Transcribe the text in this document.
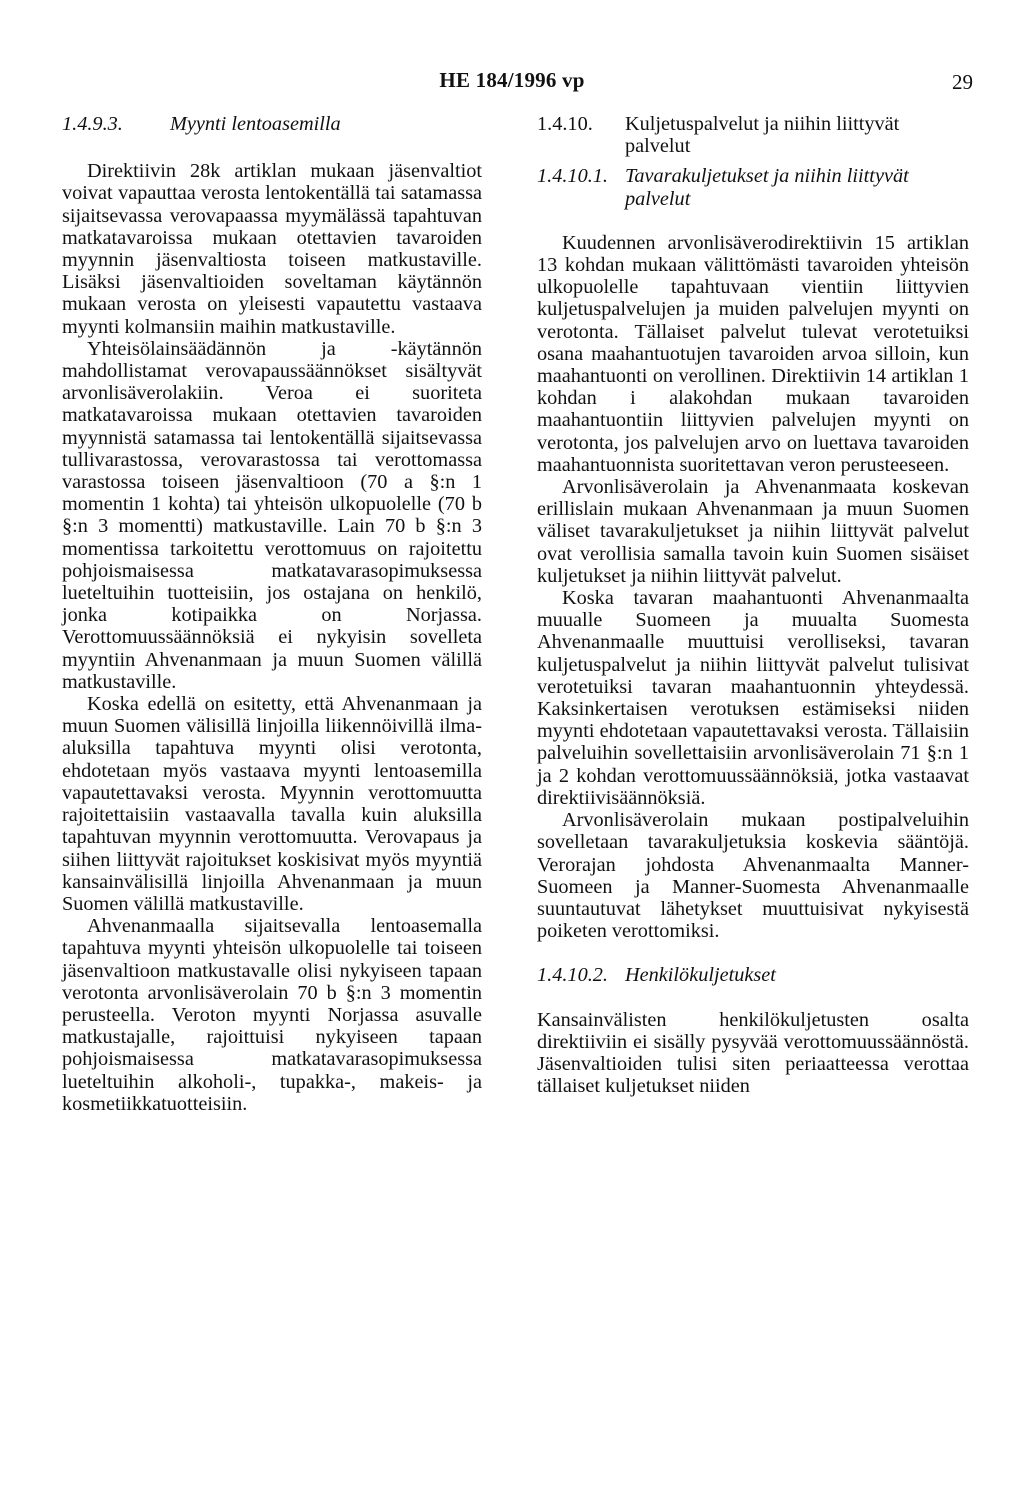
HE 184/1996 vp	29
1.4.9.3. Myynti lentoasemilla

Direktiivin 28k artiklan mukaan jäsenvaltiot voivat vapauttaa verosta lentokentällä tai satamassa sijaitsevassa verovapaassa myymälässä tapahtuvan matkatavaroissa mukaan otettavien tavaroiden myynnin jäsenvaltiosta toiseen matkustaville. Lisäksi jäsenvaltioiden soveltaman käytännön mukaan verosta on yleisesti vapautettu vastaava myynti kolmansiin maihin matkustaville.

Yhteisölainsäädännön ja -käytännön mahdollistamat verovapaussäännökset sisältyvät arvonlisäverolakiin. Veroa ei suoriteta matkatavaroissa mukaan otettavien tavaroiden myynnistä satamassa tai lentokentällä sijaitsevassa tullivarastossa, verovarastossa tai verottomassa varastossa toiseen jäsenvaltioon (70 a §:n 1 momentin 1 kohta) tai yhteisön ulkopuolelle (70 b §:n 3 momentti) matkustaville. Lain 70 b §:n 3 momentissa tarkoitettu verottomuus on rajoitettu pohjoismaisessa matkatavarasopimuksessa lueteltuihin tuotteisiin, jos ostajana on henkilö, jonka kotipaikka on Norjassa. Verottomuussäännöksiä ei nykyisin sovelleta myyntiin Ahvenanmaan ja muun Suomen välillä matkustaville.

Koska edellä on esitetty, että Ahvenanmaan ja muun Suomen välisillä linjoilla liikennöivillä ilma-aluksilla tapahtuva myynti olisi verotonta, ehdotetaan myös vastaava myynti lentoasemilla vapautettavaksi verosta. Myynnin verottomuutta rajoitettaisiin vastaavalla tavalla kuin aluksilla tapahtuvan myynnin verottomuutta. Verovapaus ja siihen liittyvät rajoitukset koskisivat myös myyntiä kansainvälisillä linjoilla Ahvenanmaan ja muun Suomen välillä matkustaville.

Ahvenanmaalla sijaitsevalla lentoasemalla tapahtuva myynti yhteisön ulkopuolelle tai toiseen jäsenvaltioon matkustavalle olisi nykyiseen tapaan verotonta arvonlisäverolain 70 b §:n 3 momentin perusteella. Veroton myynti Norjassa asuvalle matkustajalle, rajoittuisi nykyiseen tapaan pohjoismaisessa matkatavarasopimuksessa lueteltuihin alkoholi-, tupakka-, makeis- ja kosmetiikkatuotteisiin.

1.4.10.	Kuljetuspalvelut ja niihin liittyvät palvelut
1.4.10.1. Tavarakuljetukset ja niihin liittyvät palvelut

Kuudennen arvonlisäverodirektiivin 15 artiklan 13 kohdan mukaan välittömästi tavaroiden yhteisön ulkopuolelle tapahtuvaan vientiin liittyvien kuljetuspalvelujen ja muiden palvelujen myynti on verotonta. Tällaiset palvelut tulevat verotetuiksi osana maahantuotujen tavaroiden arvoa silloin, kun maahantuonti on verollinen. Direktiivin 14 artiklan 1 kohdan i alakohdan mukaan tavaroiden maahantuontiin liittyvien palvelujen myynti on verotonta, jos palvelujen arvo on luettava tavaroiden maahantuonnista suoritettavan veron perusteeseen.

Arvonlisäverolain ja Ahvenanmaata koskevan erillislain mukaan Ahvenanmaan ja muun Suomen väliset tavarakuljetukset ja niihin liittyvät palvelut ovat verollisia samalla tavoin kuin Suomen sisäiset kuljetukset ja niihin liittyvät palvelut.

Koska tavaran maahantuonti Ahvenanmaalta muualle Suomeen ja muualta Suomesta Ahvenanmaalle muuttuisi verolliseksi, tavaran kuljetuspalvelut ja niihin liittyvät palvelut tulisivat verotetuiksi tavaran maahantuonnin yhteydessä. Kaksinkertaisen verotuksen estämiseksi niiden myynti ehdotetaan vapautettavaksi verosta. Tällaisiin palveluihin sovellettaisiin arvonlisäverolain 71 §:n 1 ja 2 kohdan verottomuussäännöksiä, jotka vastaavat direktiivisäännöksiä.

Arvonlisäverolain mukaan postipalveluihin sovelletaan tavarakuljetuksia koskevia sääntöjä. Verorajan johdosta Ahvenanmaalta Manner-Suomeen ja Manner-Suomesta Ahvenanmaalle suuntautuvat lähetykset muuttuisivat nykyisestä poiketen verottomiksi.

1.4.10.2. Henkilökuljetukset

Kansainvälisten henkilökuljetusten osalta direktiiviin ei sisälly pysyvää verottomuussäännöstä. Jäsenvaltioiden tulisi siten periaatteessa verottaa tällaiset kuljetukset niiden
